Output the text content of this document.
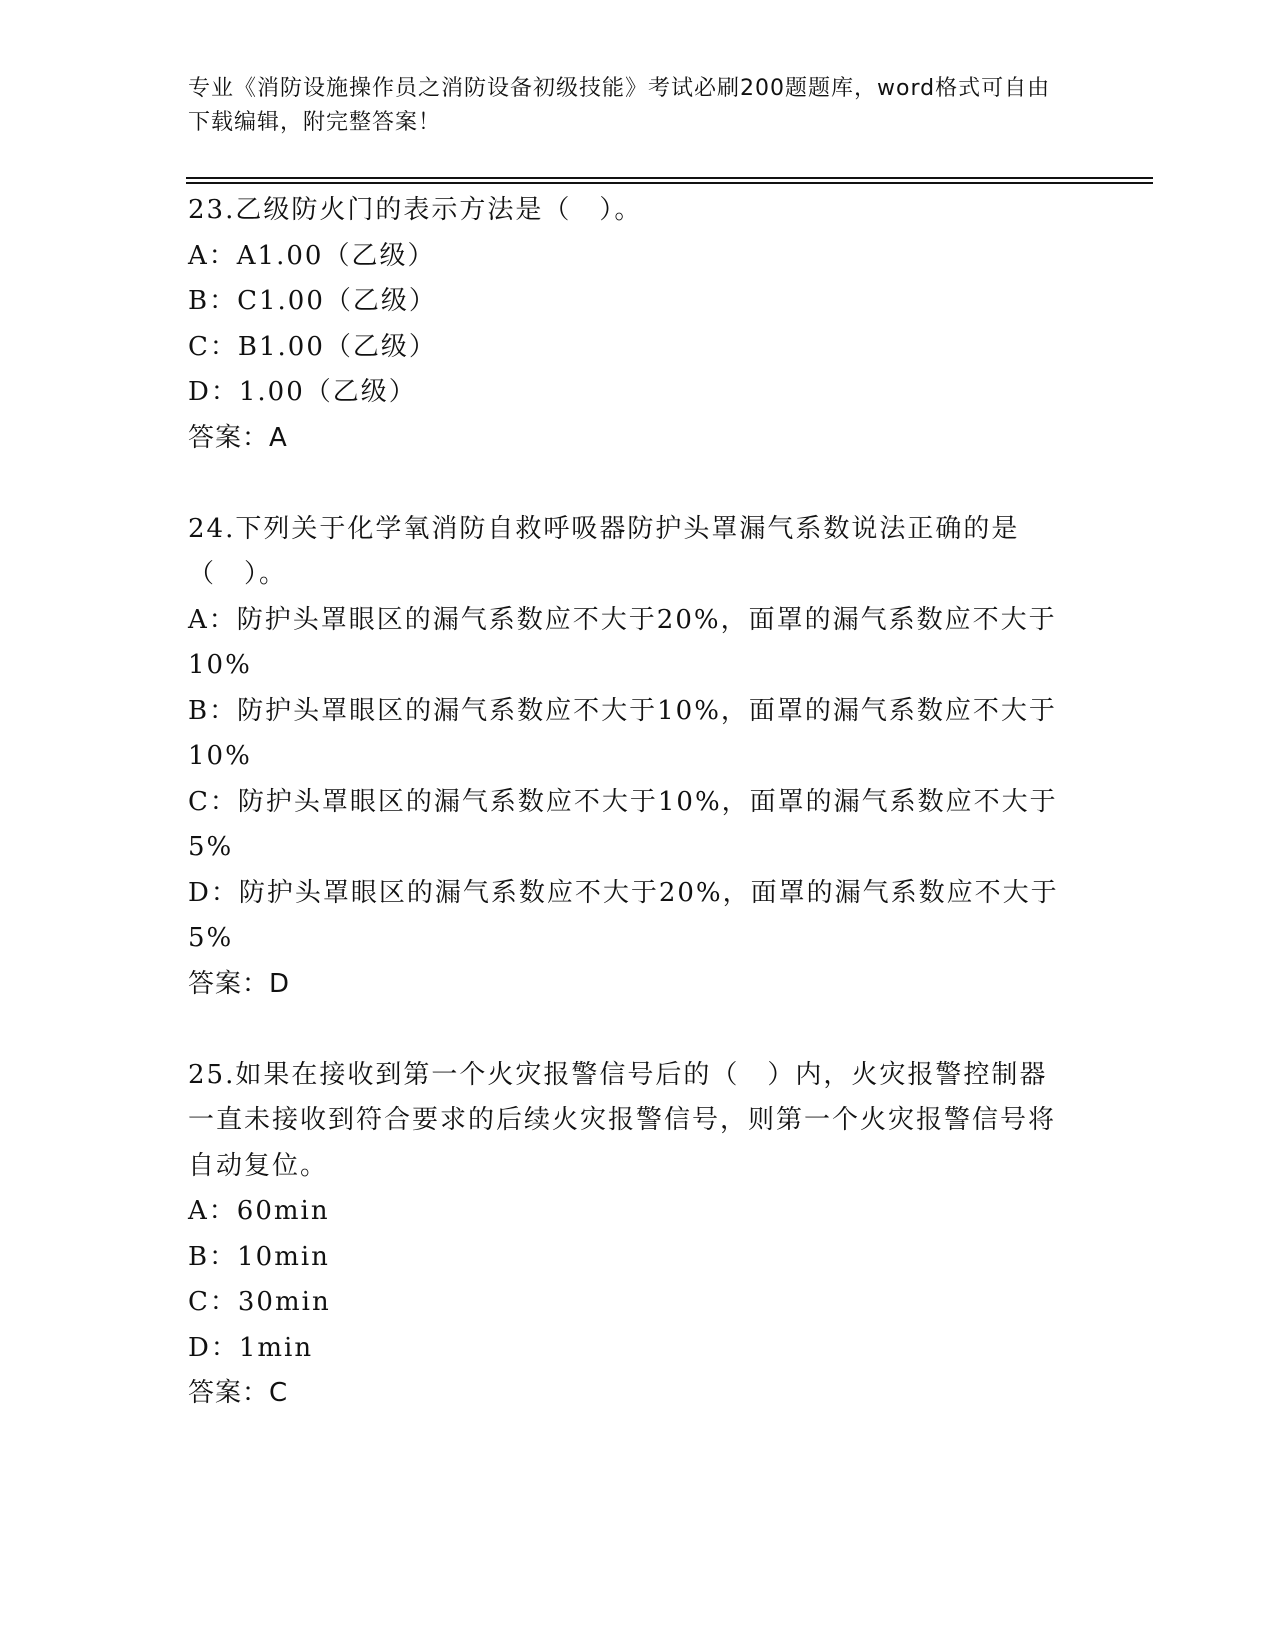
专业《消防设施操作员之消防设备初级技能》考试必刷200题题库，word格式可自由下载编辑，附完整答案！

23.乙级防火门的表示方法是（　）。

A：A1.00（乙级）

B：C1.00（乙级）

C：B1.00（乙级）

D：1.00（乙级）

答案：A

24.下列关于化学氧消防自救呼吸器防护头罩漏气系数说法正确的是（　）。

A：防护头罩眼区的漏气系数应不大于20%，面罩的漏气系数应不大于10%

B：防护头罩眼区的漏气系数应不大于10%，面罩的漏气系数应不大于10%

C：防护头罩眼区的漏气系数应不大于10%，面罩的漏气系数应不大于5%

D：防护头罩眼区的漏气系数应不大于20%，面罩的漏气系数应不大于5%

答案：D

25.如果在接收到第一个火灾报警信号后的（　）内，火灾报警控制器一直未接收到符合要求的后续火灾报警信号，则第一个火灾报警信号将自动复位。

A：60min

B：10min

C：30min

D：1min

答案：C
